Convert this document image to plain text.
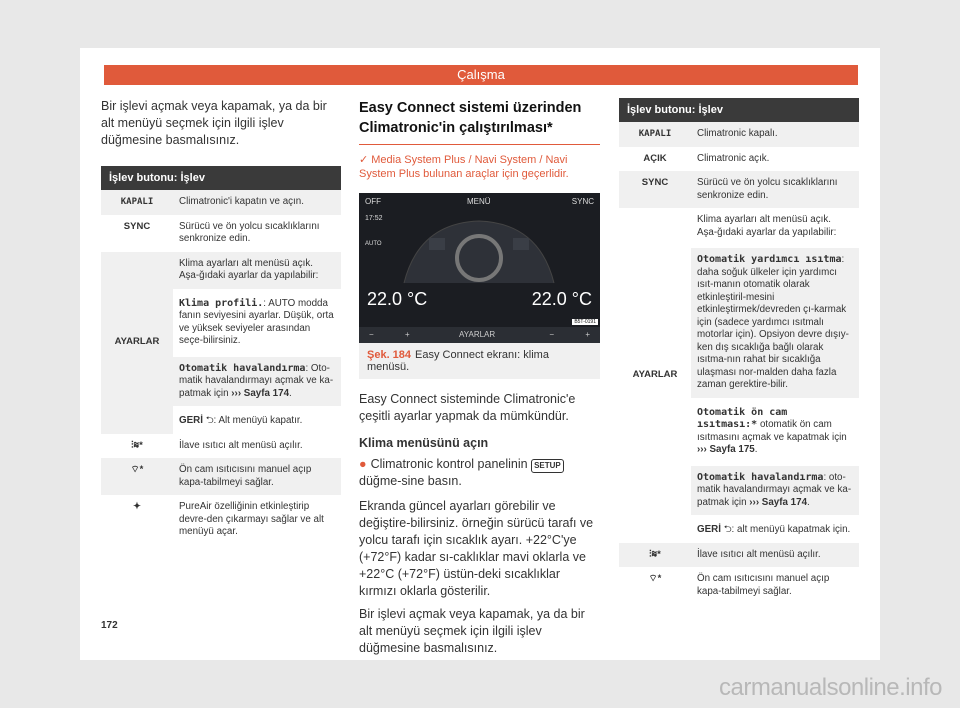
Çalışma

Bir işlevi açmak veya kapamak, ya da bir alt menüyü seçmek için ilgili işlev düğmesine basmalısınız.

İşlev butonu: İşlev	
KAPALI	Climatronic'i kapatın ve açın.
SYNC	Sürücü ve ön yolcu sıcaklıklarını senkronize edin.
AYARLAR	Klima ayarları alt menüsü açık. Aşa-ğıdaki ayarlar da yapılabilir:
Klima profili.: AUTO modda fanın seviyesini ayarlar. Düşük, orta ve yüksek seviyeler arasından seçe-bilirsiniz.
Otomatik havalandırma: Oto-matik havalandırmayı açmak ve ka-patmak için ››› Sayfa 174.
GERİ ⮌: Alt menüyü kapatır.

⫶≋*	İlave ısıtıcı alt menüsü açılır.
⌔*	Ön cam ısıtıcısını manuel açıp kapa-tabilmeyi sağlar.
✦	PureAir özelliğinin etkinleştirip devre-den çıkarmayı sağlar ve alt menüyü açar.
Easy Connect sistemi üzerinden Climatronic'in çalıştırılması*
✓ Media System Plus / Navi System / Navi System Plus bulunan araçlar için geçerlidir.
OFF	MENÜ	SYNC
17:52
AUTO
22.0 °C	22.0 °C
−	+	AYARLAR	−	+
B5T-0191
Şek. 184 Easy Connect ekranı: klima menüsü.

Easy Connect sisteminde Climatronic'e çeşitli ayarlar yapmak da mümkündür.

Klima menüsünü açın

● Climatronic kontrol panelinin SETUP düğme-sine basın.

Ekranda güncel ayarları görebilir ve değiştire-bilirsiniz. örneğin sürücü tarafı ve yolcu tarafı için sıcaklık ayarı. +22°C'ye (+72°F) kadar sı-caklıklar mavi oklarla ve +22°C (+72°F) üstün-deki sıcaklıklar kırmızı oklarla gösterilir.

Bir işlevi açmak veya kapamak, ya da bir alt menüyü seçmek için ilgili işlev düğmesine basmalısınız.

İşlev butonu: İşlev	
KAPALI	Climatronic kapalı.
AÇIK	Climatronic açık.
SYNC	Sürücü ve ön yolcu sıcaklıklarını senkronize edin.
AYARLAR	Klima ayarları alt menüsü açık. Aşa-ğıdaki ayarlar da yapılabilir:
Otomatik yardımcı ısıtma: daha soğuk ülkeler için yardımcı ısıt-manın otomatik olarak etkinleştiril-mesini etkinleştirmek/devreden çı-karmak için (sadece yardımcı ısıtmalı motorlar için). Opsiyon devre dışıy-ken dış sıcaklığa bağlı olarak ısıtma-nın rahat bir sıcaklığa ulaşması nor-malden daha fazla zaman gerektire-bilir.
Otomatik ön cam ısıtması:* otomatik ön cam ısıtmasını açmak ve kapatmak için ››› Sayfa 175.
Otomatik havalandırma: oto-matik havalandırmayı açmak ve ka-patmak için ››› Sayfa 174.
GERİ ⮌: alt menüyü kapatmak için.

⫶≋*	İlave ısıtıcı alt menüsü açılır.
⌔*	Ön cam ısıtıcısını manuel açıp kapa-tabilmeyi sağlar.
172
carmanualsonline.info
